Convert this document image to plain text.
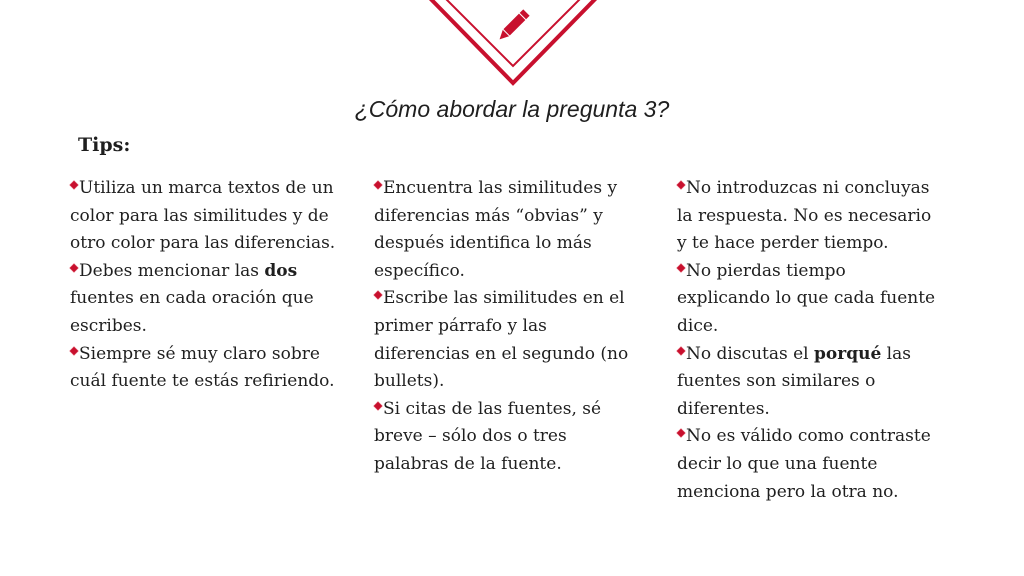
¿Cómo abordar la pregunta 3?
Tips:

Utiliza un marca textos de un color para las similitudes y de otro color para las diferencias.

Debes mencionar las dos fuentes en cada oración que escribes.

Siempre sé muy claro sobre cuál fuente te estás refiriendo.

Encuentra las similitudes y diferencias más “obvias” y después identifica lo más específico.

Escribe las similitudes en el primer párrafo y las diferencias en el segundo (no bullets).

Si citas de las fuentes, sé breve – sólo dos o tres palabras de la fuente.

No introduzcas ni concluyas la respuesta. No es necesario y te hace perder tiempo.

No pierdas tiempo explicando lo que cada fuente dice.

No discutas el porqué las fuentes son similares o diferentes.

No es válido como contraste decir lo que una fuente menciona pero la otra no.
